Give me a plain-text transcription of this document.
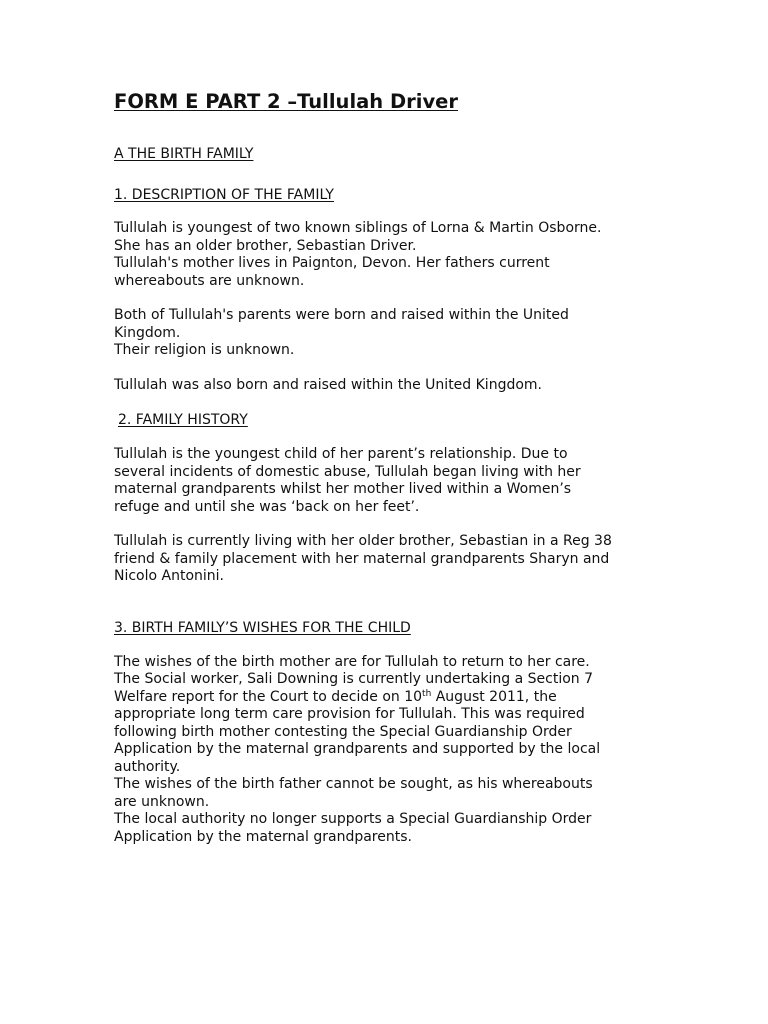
FORM E PART 2 –Tullulah Driver

A THE BIRTH FAMILY

1. DESCRIPTION OF THE FAMILY

Tullulah is youngest of two known siblings of Lorna & Martin Osborne.
She has an older brother, Sebastian Driver.
Tullulah's mother lives in Paignton, Devon. Her fathers current
whereabouts are unknown.
Both of Tullulah's parents were born and raised within the United
Kingdom.
Their religion is unknown.
Tullulah was also born and raised within the United Kingdom.

2. FAMILY HISTORY

Tullulah is the youngest child of her parent’s relationship. Due to
several incidents of domestic abuse, Tullulah began living with her
maternal grandparents whilst her mother lived within a Women’s
refuge and until she was ‘back on her feet’.
Tullulah is currently living with her older brother, Sebastian in a Reg 38
friend & family placement with her maternal grandparents Sharyn and
Nicolo Antonini.

3. BIRTH FAMILY’S WISHES FOR THE CHILD

The wishes of the birth mother are for Tullulah to return to her care.
The Social worker, Sali Downing is currently undertaking a Section 7
Welfare report for the Court to decide on 10th August 2011, the
appropriate long term care provision for Tullulah. This was required
following birth mother contesting the Special Guardianship Order
Application by the maternal grandparents and supported by the local
authority.
The wishes of the birth father cannot be sought, as his whereabouts
are unknown.
The local authority no longer supports a Special Guardianship Order
Application by the maternal grandparents.
